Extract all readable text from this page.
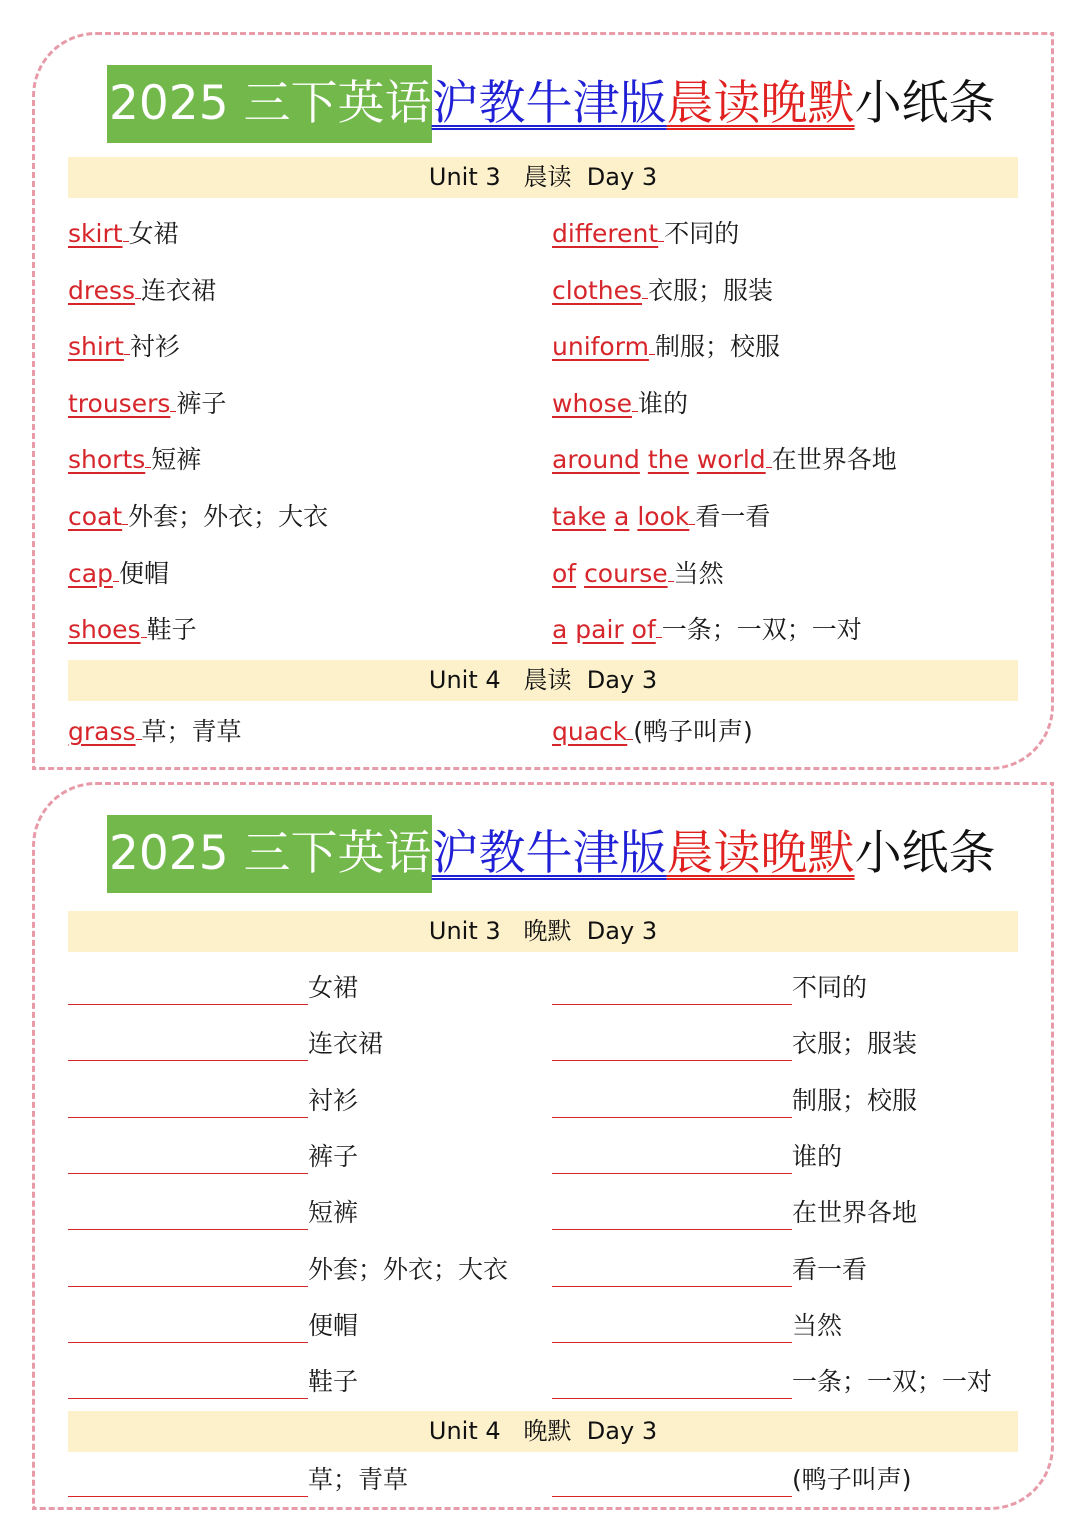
2025 三下英语 沪教牛津版 晨读晚默 小纸条
Unit 3   晨读  Day 3
skirt 女裙
dress 连衣裙
shirt 衬衫
trousers 裤子
shorts 短裤
coat 外套；外衣；大衣
cap 便帽
shoes 鞋子
different 不同的
clothes 衣服；服装
uniform 制服；校服
whose 谁的
around the world 在世界各地
take a look 看一看
of course 当然
a pair of 一条；一双；一对
Unit 4   晨读  Day 3
grass 草；青草	quack (鸭子叫声)
2025 三下英语 沪教牛津版 晨读晚默 小纸条
Unit 3   晚默  Day 3
女裙
连衣裙
衬衫
裤子
短裤
外套；外衣；大衣
便帽
鞋子
不同的
衣服；服装
制服；校服
谁的
在世界各地
看一看
当然
一条；一双；一对
Unit 4   晚默  Day 3
草；青草	(鸭子叫声)
